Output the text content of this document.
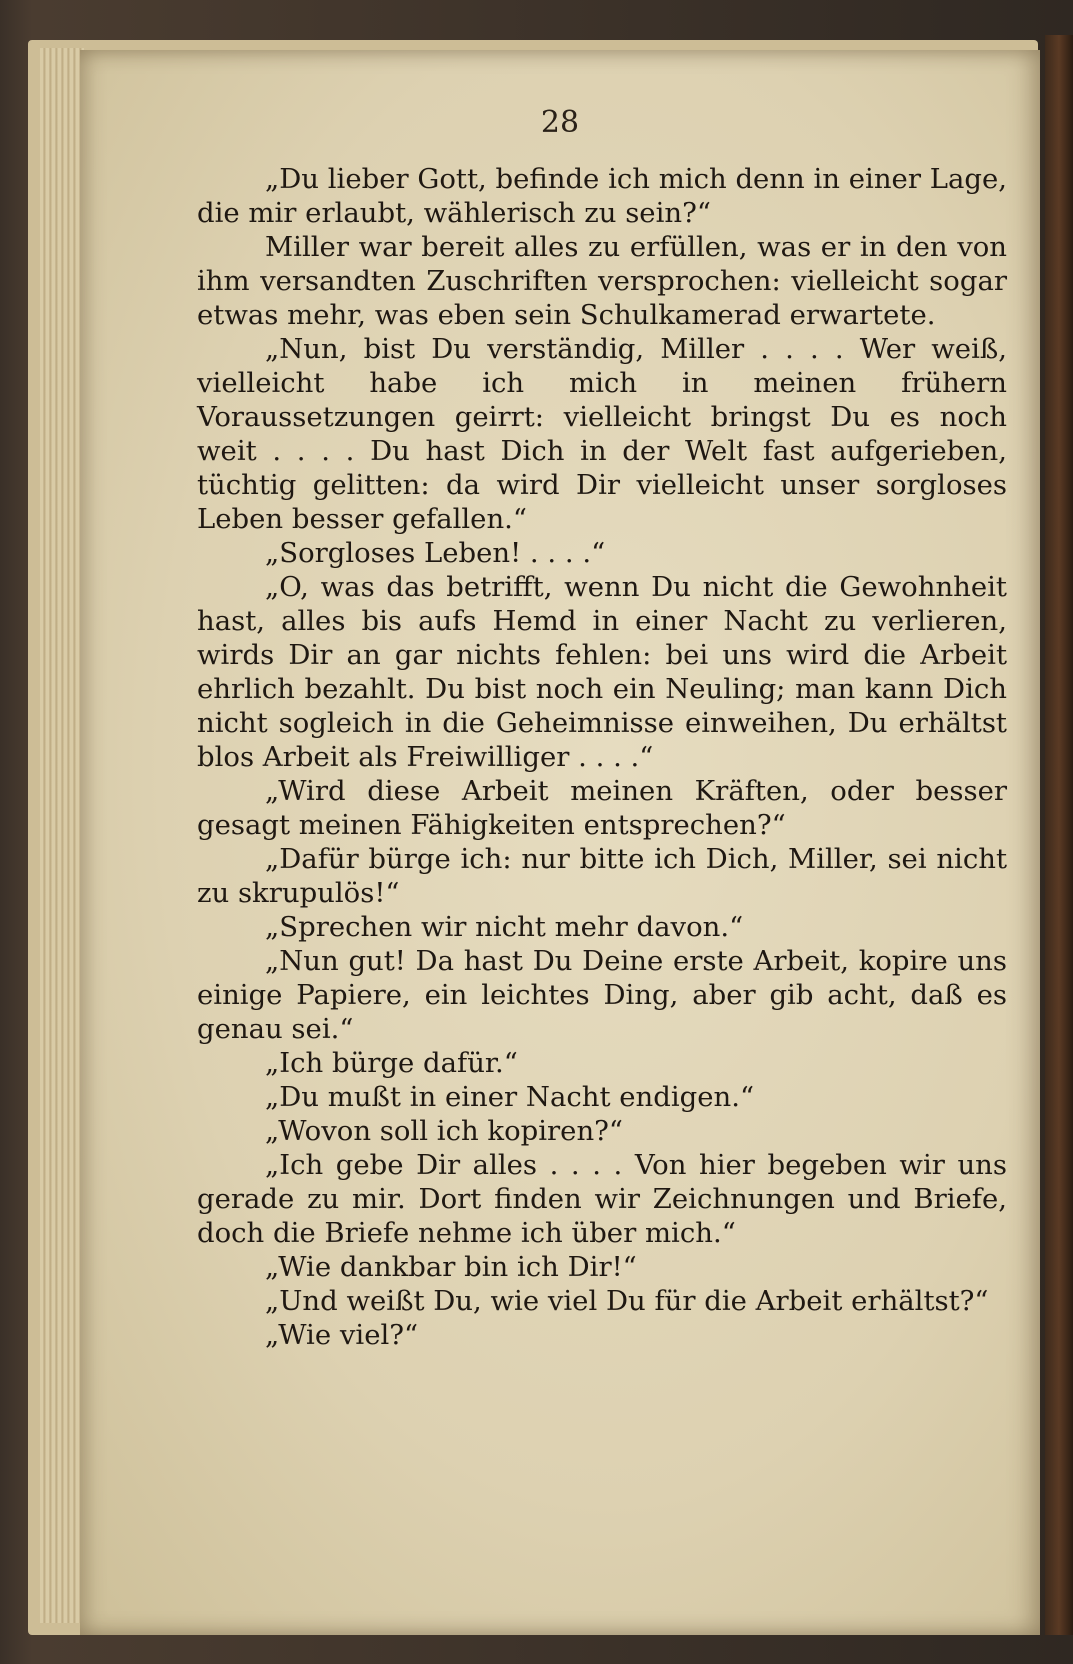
28

„Du lieber Gott, befinde ich mich denn in einer Lage, die mir erlaubt, wählerisch zu sein?“

Miller war bereit alles zu erfüllen, was er in den von ihm versandten Zuschriften versprochen: vielleicht sogar etwas mehr, was eben sein Schulkamerad erwartete.

„Nun, bist Du verständig, Miller . . . . Wer weiß, vielleicht habe ich mich in meinen frühern Voraussetzungen geirrt: vielleicht bringst Du es noch weit . . . . Du hast Dich in der Welt fast aufgerieben, tüchtig gelitten: da wird Dir vielleicht unser sorgloses Leben besser gefallen.“

„Sorgloses Leben! . . . .“

„O, was das betrifft, wenn Du nicht die Gewohnheit hast, alles bis aufs Hemd in einer Nacht zu verlieren, wirds Dir an gar nichts fehlen: bei uns wird die Arbeit ehrlich bezahlt. Du bist noch ein Neuling; man kann Dich nicht sogleich in die Geheimnisse einweihen, Du erhältst blos Arbeit als Freiwilliger . . . .“

„Wird diese Arbeit meinen Kräften, oder besser gesagt meinen Fähigkeiten entsprechen?“

„Dafür bürge ich: nur bitte ich Dich, Miller, sei nicht zu skrupulös!“

„Sprechen wir nicht mehr davon.“

„Nun gut! Da hast Du Deine erste Arbeit, kopire uns einige Papiere, ein leichtes Ding, aber gib acht, daß es genau sei.“

„Ich bürge dafür.“

„Du mußt in einer Nacht endigen.“

„Wovon soll ich kopiren?“

„Ich gebe Dir alles . . . . Von hier begeben wir uns gerade zu mir. Dort finden wir Zeichnungen und Briefe, doch die Briefe nehme ich über mich.“

„Wie dankbar bin ich Dir!“

„Und weißt Du, wie viel Du für die Arbeit erhältst?“

„Wie viel?“
